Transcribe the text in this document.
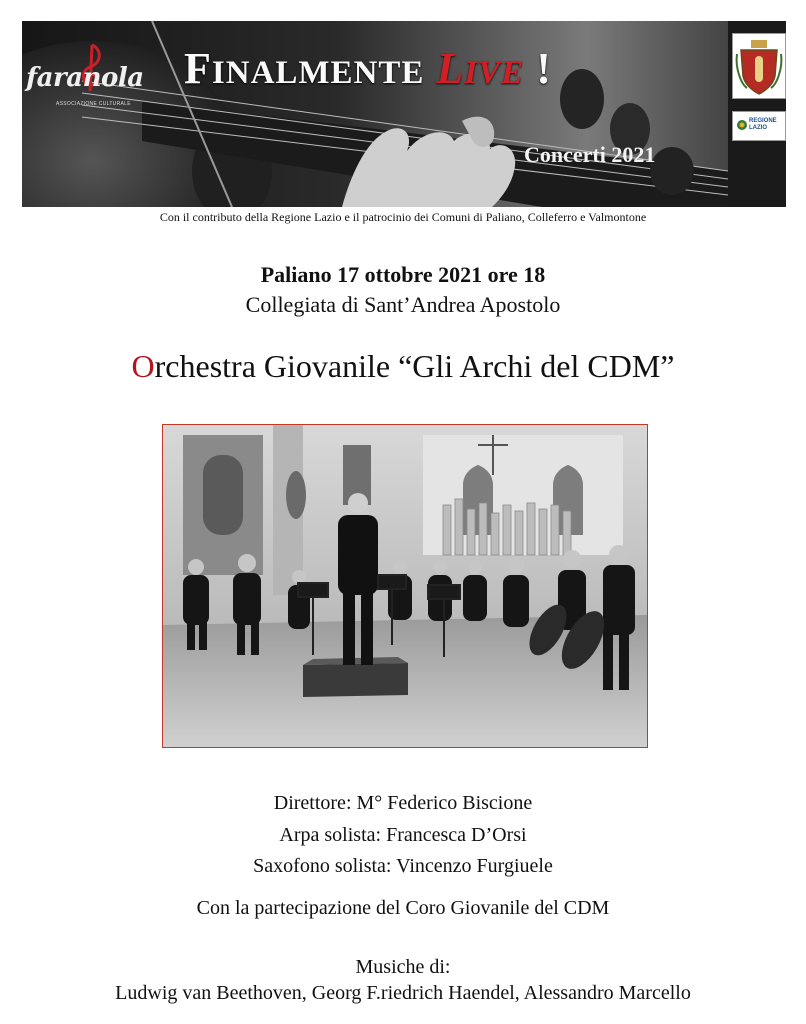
faranola
ASSOCIAZIONE CULTURALE
FINALMENTE LIVE !
Concerti 2021
REGIONE
LAZIO
Con il contributo della Regione Lazio e il patrocinio dei Comuni di Paliano, Colleferro e Valmontone
Paliano 17 ottobre 2021 ore 18
Collegiata di Sant’Andrea Apostolo
Orchestra Giovanile “Gli Archi del CDM”
Direttore: M° Federico Biscione
Arpa solista: Francesca D’Orsi
Saxofono solista: Vincenzo Furgiuele
Con la partecipazione del Coro Giovanile del CDM
Musiche di:
Ludwig van Beethoven, Georg F.riedrich Haendel, Alessandro Marcello
